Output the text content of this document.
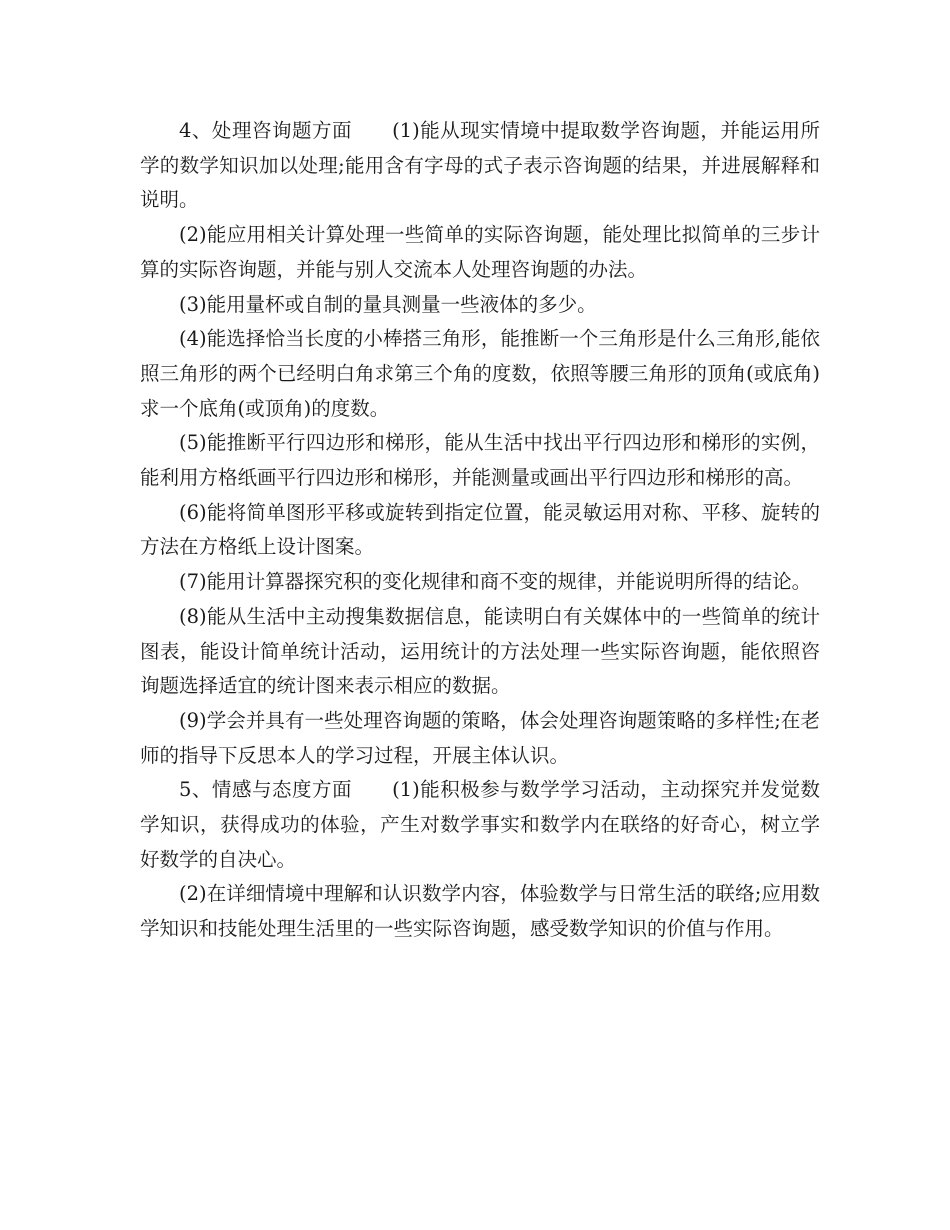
4、处理咨询题方面　　(1)能从现实情境中提取数学咨询题，并能运用所学的数学知识加以处理;能用含有字母的式子表示咨询题的结果，并进展解释和说明。

(2)能应用相关计算处理一些简单的实际咨询题，能处理比拟简单的三步计算的实际咨询题，并能与别人交流本人处理咨询题的办法。

(3)能用量杯或自制的量具测量一些液体的多少。

(4)能选择恰当长度的小棒搭三角形，能推断一个三角形是什么三角形,能依照三角形的两个已经明白角求第三个角的度数，依照等腰三角形的顶角(或底角)求一个底角(或顶角)的度数。

(5)能推断平行四边形和梯形，能从生活中找出平行四边形和梯形的实例，能利用方格纸画平行四边形和梯形，并能测量或画出平行四边形和梯形的高。

(6)能将简单图形平移或旋转到指定位置，能灵敏运用对称、平移、旋转的方法在方格纸上设计图案。

(7)能用计算器探究积的变化规律和商不变的规律，并能说明所得的结论。

(8)能从生活中主动搜集数据信息，能读明白有关媒体中的一些简单的统计图表，能设计简单统计活动，运用统计的方法处理一些实际咨询题，能依照咨询题选择适宜的统计图来表示相应的数据。

(9)学会并具有一些处理咨询题的策略，体会处理咨询题策略的多样性;在老师的指导下反思本人的学习过程，开展主体认识。

5、情感与态度方面　　(1)能积极参与数学学习活动，主动探究并发觉数学知识，获得成功的体验，产生对数学事实和数学内在联络的好奇心，树立学好数学的自决心。

(2)在详细情境中理解和认识数学内容，体验数学与日常生活的联络;应用数学知识和技能处理生活里的一些实际咨询题，感受数学知识的价值与作用。
